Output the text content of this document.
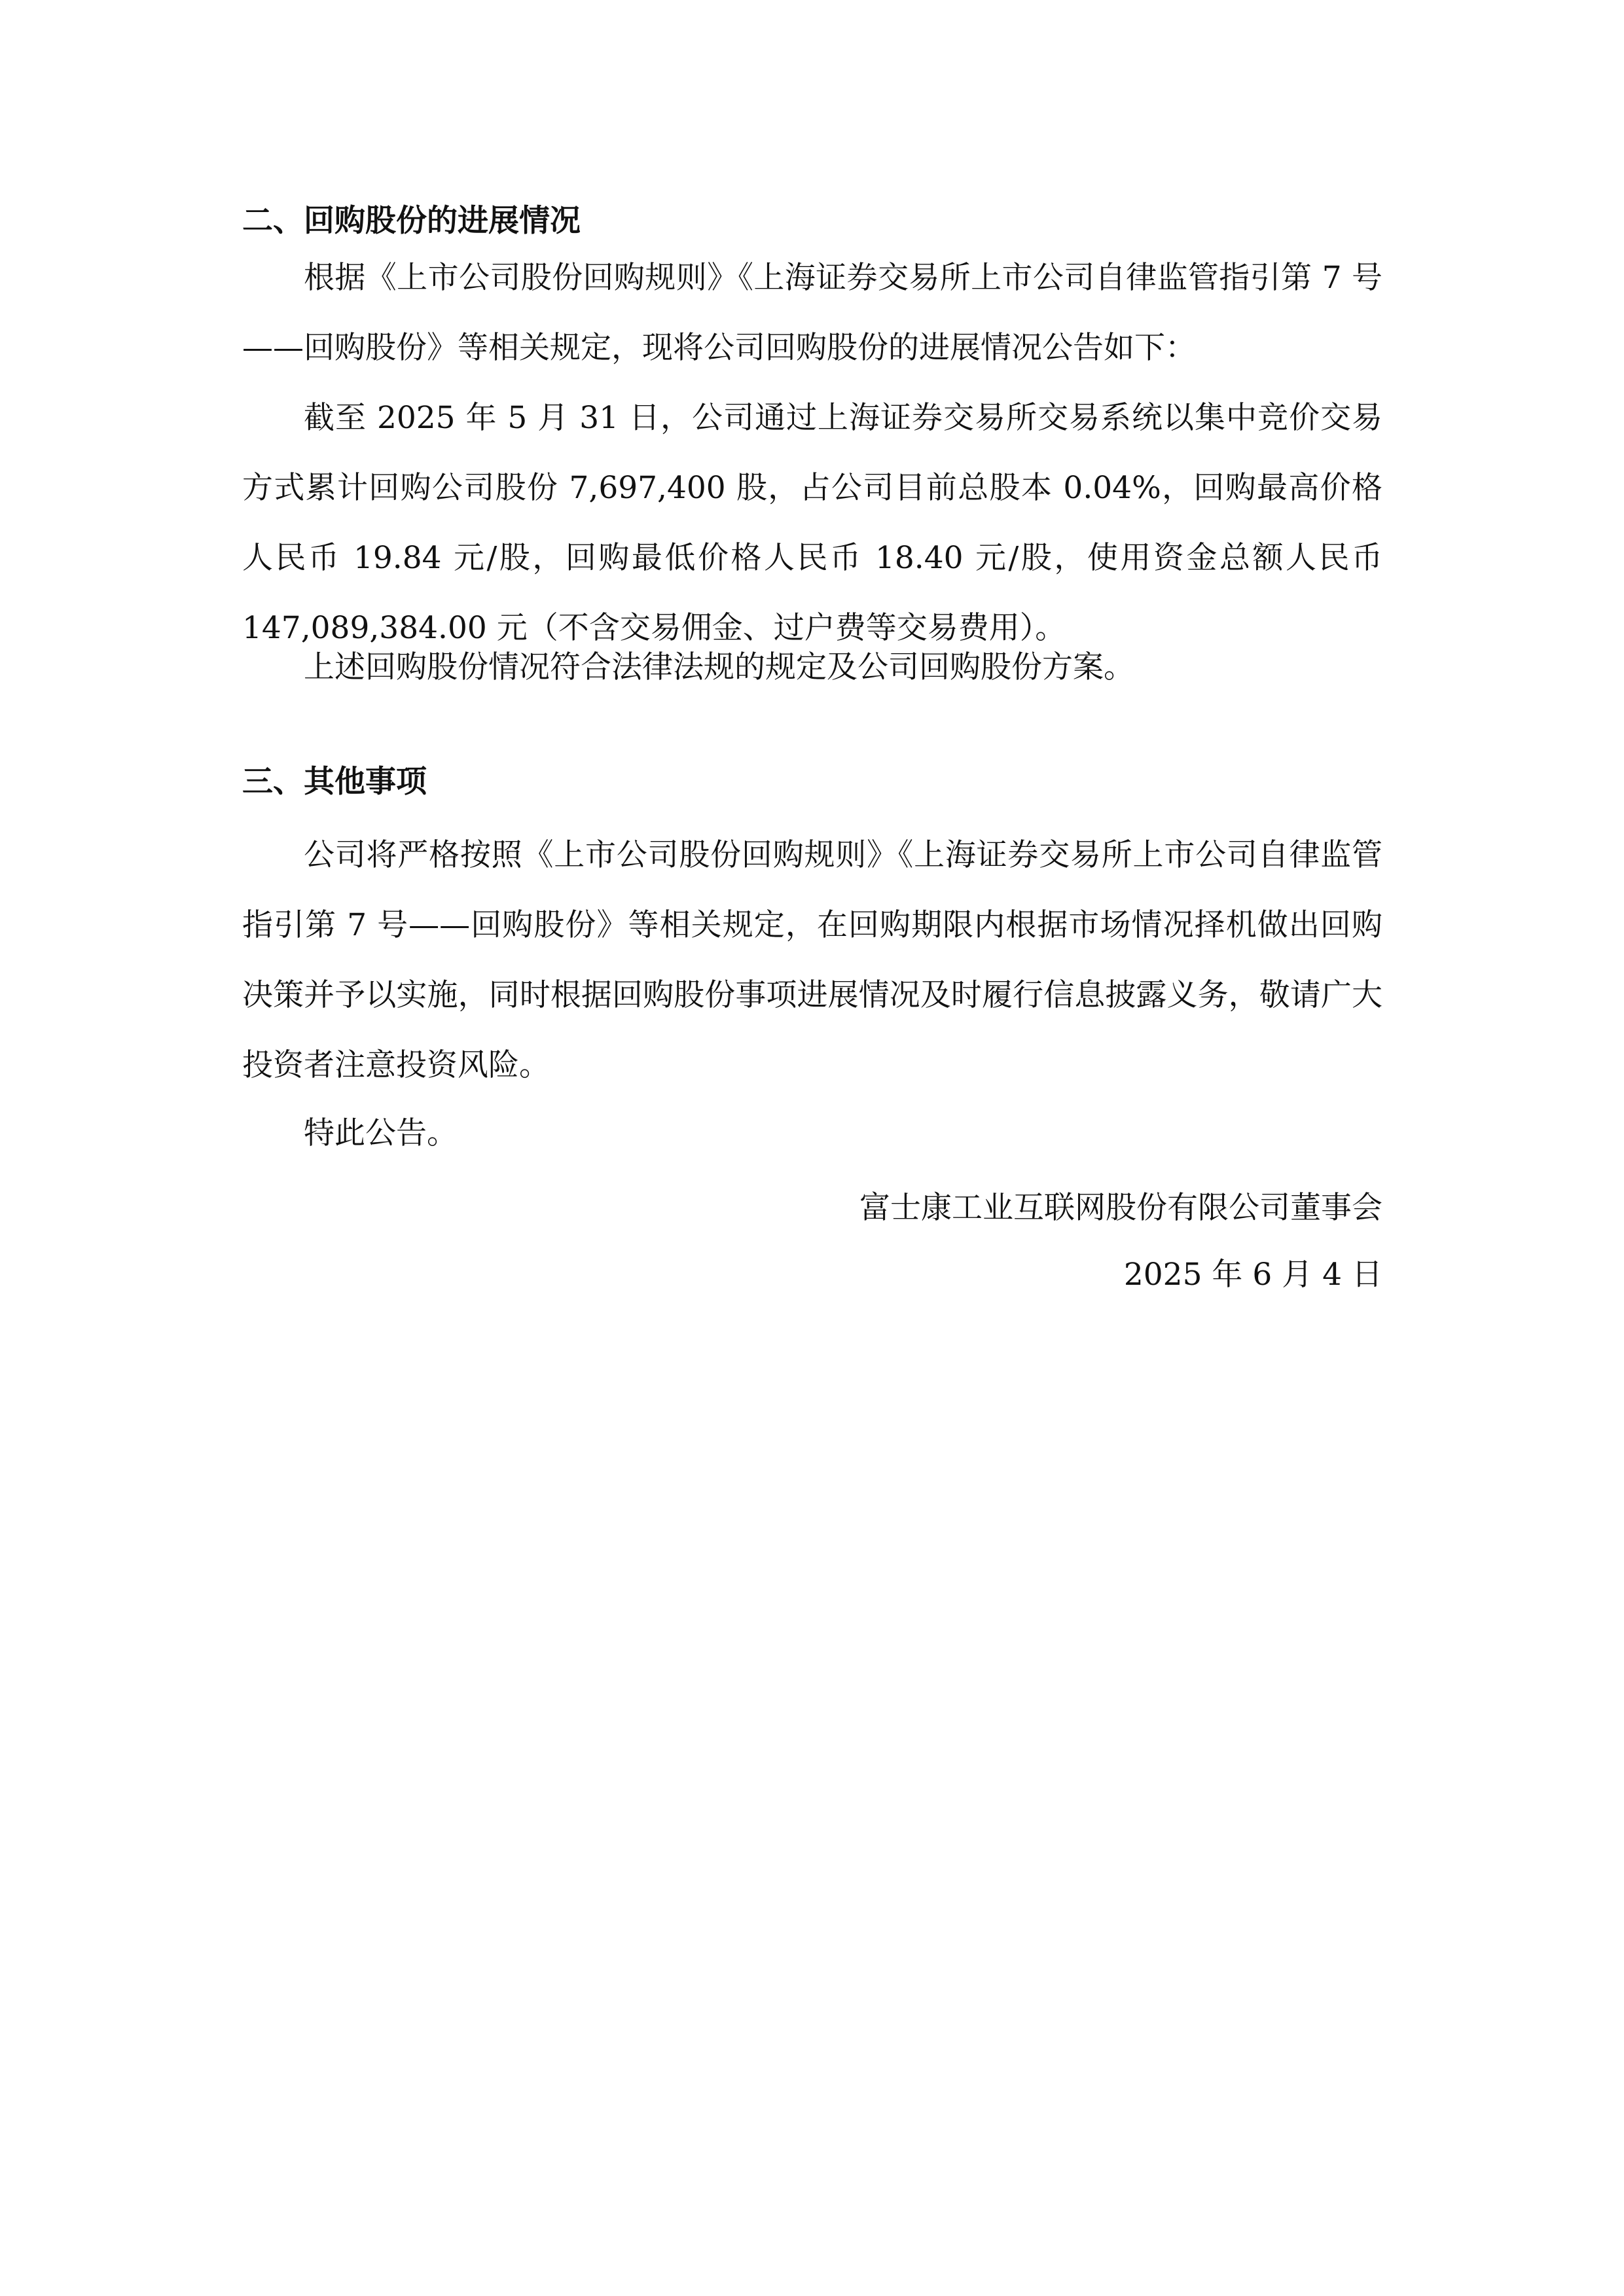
二、回购股份的进展情况

根据《上市公司股份回购规则》《上海证券交易所上市公司自律监管指引第 7 号——回购股份》等相关规定，现将公司回购股份的进展情况公告如下：

截至 2025 年 5 月 31 日，公司通过上海证券交易所交易系统以集中竞价交易方式累计回购公司股份 7,697,400 股，占公司目前总股本 0.04%，回购最高价格人民币 19.84 元/股，回购最低价格人民币 18.40 元/股，使用资金总额人民币 147,089,384.00 元（不含交易佣金、过户费等交易费用）。

上述回购股份情况符合法律法规的规定及公司回购股份方案。
三、其他事项

公司将严格按照《上市公司股份回购规则》《上海证券交易所上市公司自律监管指引第 7 号——回购股份》等相关规定，在回购期限内根据市场情况择机做出回购决策并予以实施，同时根据回购股份事项进展情况及时履行信息披露义务，敬请广大投资者注意投资风险。

特此公告。
富士康工业互联网股份有限公司董事会
2025 年 6 月 4 日
